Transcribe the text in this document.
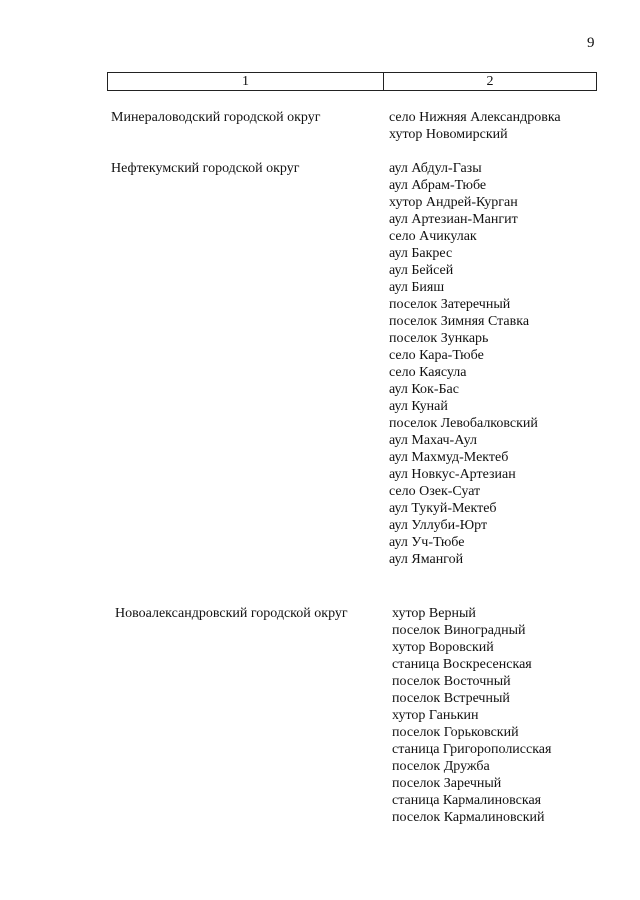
9
1	2
Минераловодский городской округ	село Нижняя Александровка
хутор Новомирский
Нефтекумский городской округ	аул Абдул-Газы
аул Абрам-Тюбе
хутор Андрей-Курган
аул Артезиан-Мангит
село Ачикулак
аул Бакрес
аул Бейсей
аул Бияш
поселок Затеречный
поселок Зимняя Ставка
поселок Зункарь
село Кара-Тюбе
село Каясула
аул Кок-Бас
аул Кунай
поселок Левобалковский
аул Махач-Аул
аул Махмуд-Мектеб
аул Новкус-Артезиан
село Озек-Суат
аул Тукуй-Мектеб
аул Уллуби-Юрт
аул Уч-Тюбе
аул Ямангой
Новоалександровский городской округ	хутор Верный
поселок Виноградный
хутор Воровский
станица Воскресенская
поселок Восточный
поселок Встречный
хутор Ганькин
поселок Горьковский
станица Григорополисская
поселок Дружба
поселок Заречный
станица Кармалиновская
поселок Кармалиновский
